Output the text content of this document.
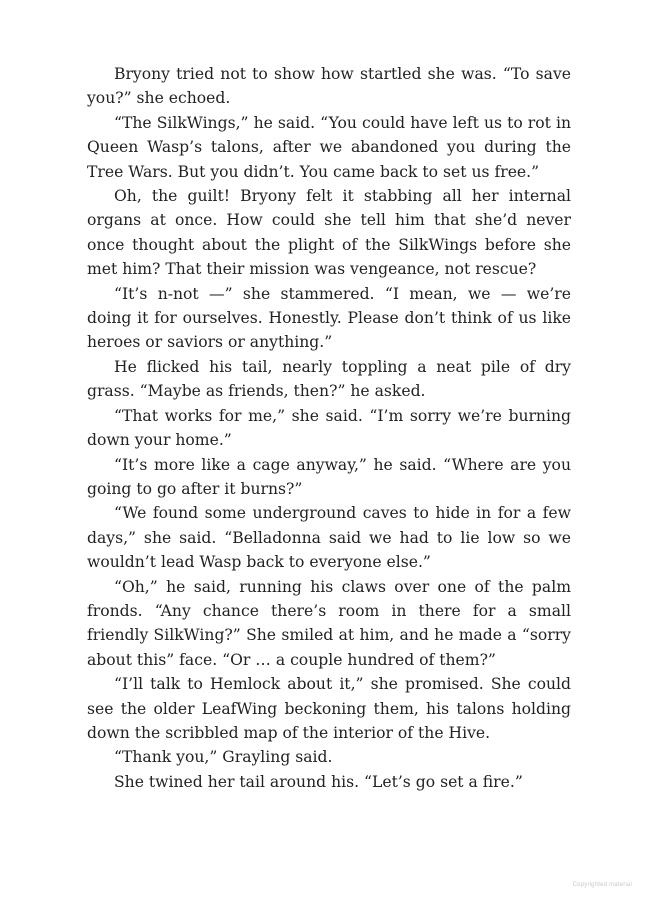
Bryony tried not to show how startled she was. “To save you?” she echoed.

“The SilkWings,” he said. “You could have left us to rot in Queen Wasp’s talons, after we abandoned you during the Tree Wars. But you didn’t. You came back to set us free.”

Oh, the guilt! Bryony felt it stabbing all her internal organs at once. How could she tell him that she’d never once thought about the plight of the SilkWings before she met him? That their mission was vengeance, not rescue?

“It’s n-not —” she stammered. “I mean, we — we’re doing it for ourselves. Honestly. Please don’t think of us like heroes or saviors or anything.”

He flicked his tail, nearly toppling a neat pile of dry grass. “Maybe as friends, then?” he asked.

“That works for me,” she said. “I’m sorry we’re burning down your home.”

“It’s more like a cage anyway,” he said. “Where are you going to go after it burns?”

“We found some underground caves to hide in for a few days,” she said. “Belladonna said we had to lie low so we wouldn’t lead Wasp back to everyone else.”

“Oh,” he said, running his claws over one of the palm fronds. “Any chance there’s room in there for a small friendly SilkWing?” She smiled at him, and he made a “sorry about this” face. “Or … a couple hundred of them?”

“I’ll talk to Hemlock about it,” she promised. She could see the older LeafWing beckoning them, his talons holding down the scribbled map of the interior of the Hive.

“Thank you,” Grayling said.

She twined her tail around his. “Let’s go set a fire.”

Copyrighted material
